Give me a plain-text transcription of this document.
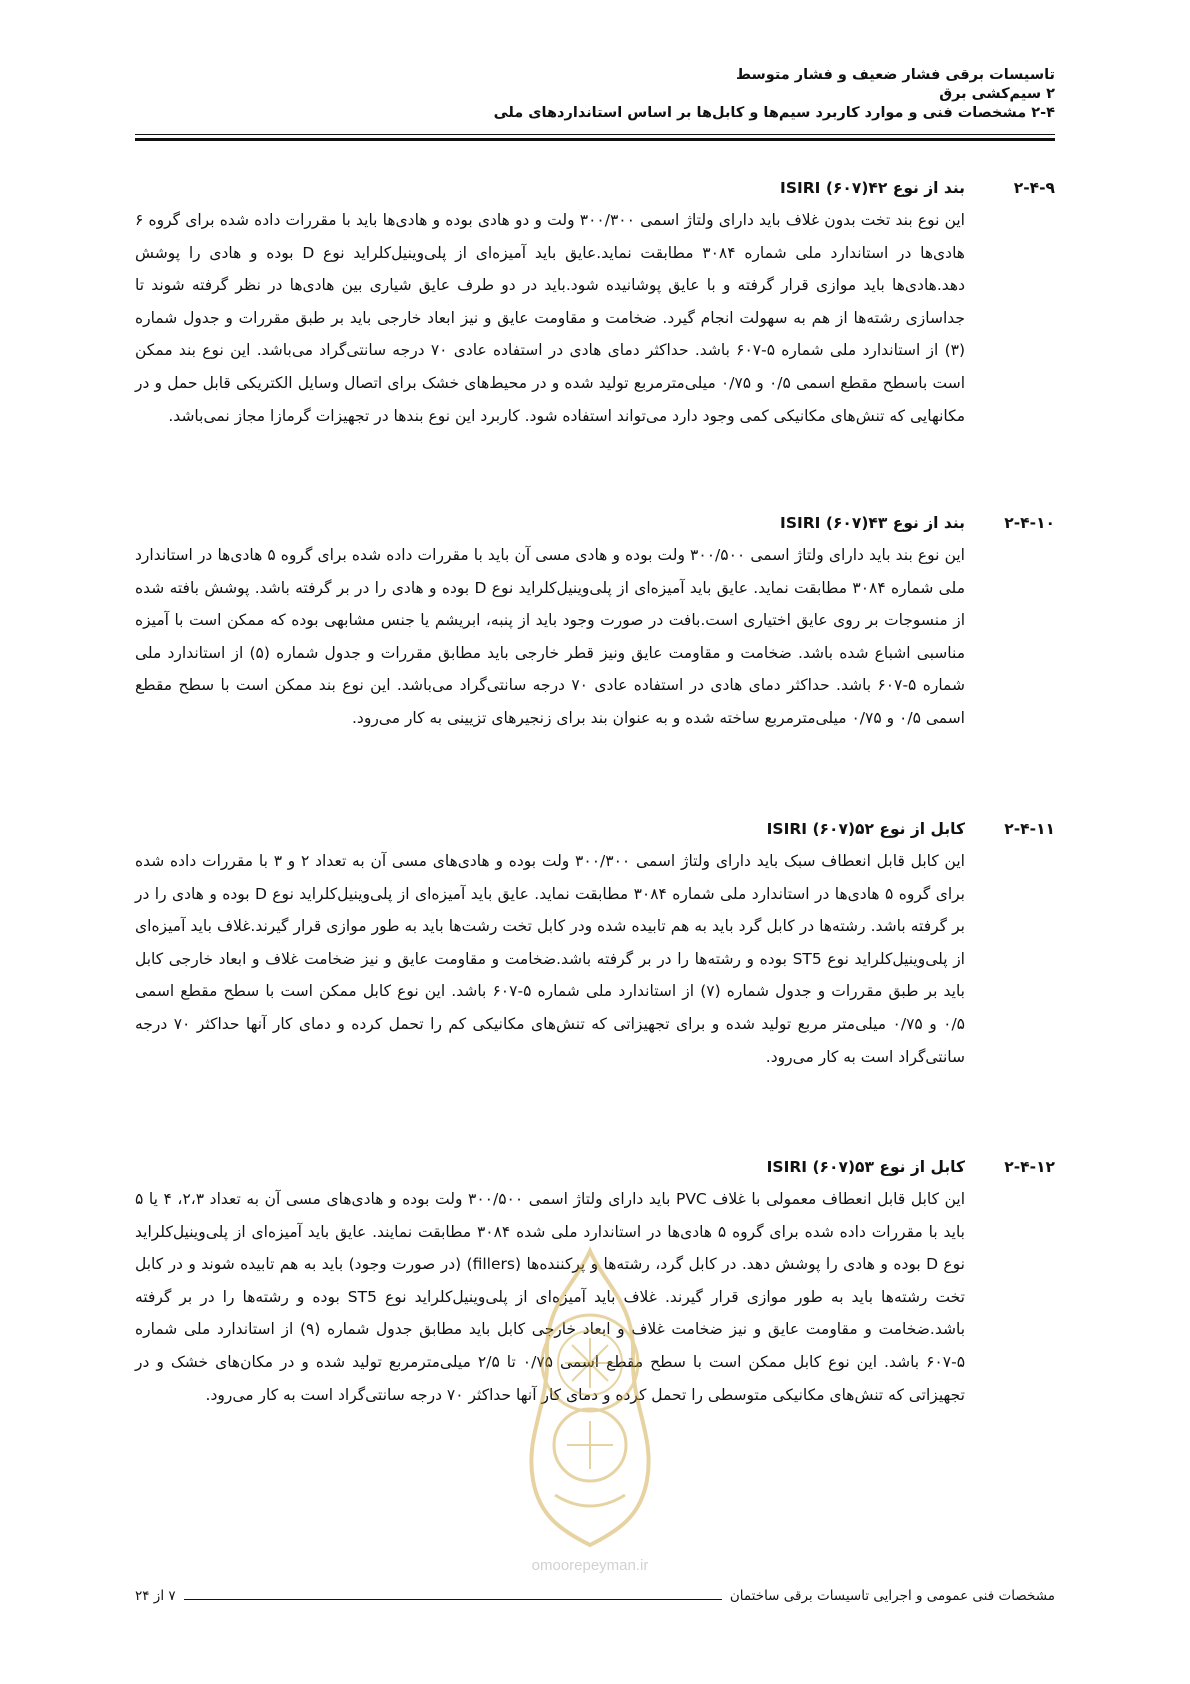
تاسیسات برقی فشار ضعیف و فشار متوسط
۲ سیم‌کشی برق
۲-۴ مشخصات فنی و موارد کاربرد سیم‌ها و کابل‌ها بر اساس استانداردهای ملی
۲-۴-۹
بند از نوع ۴۲(۶۰۷) ISIRI
این نوع بند تخت بدون غلاف باید دارای ولتاژ اسمی ۳۰۰/۳۰۰ ولت و دو هادی بوده و هادی‌ها باید با مقررات داده شده برای گروه ۶ هادی‌ها در استاندارد ملی شماره ۳۰۸۴ مطابقت نماید.عایق باید آمیزه‌ای از پلی‌وینیل‌کلراید نوع D بوده و هادی را پوشش دهد.هادی‌ها باید موازی قرار گرفته و با عایق پوشانیده شود.باید در دو طرف عایق شیاری بین هادی‌ها در نظر گرفته شوند تا جداسازی رشته‌ها از هم به سهولت انجام گیرد. ضخامت و مقاومت عایق و نیز ابعاد خارجی باید بر طبق مقررات و جدول شماره (۳) از استاندارد ملی شماره ۵-۶۰۷ باشد. حداکثر دمای هادی در استفاده عادی ۷۰ درجه سانتی‌گراد می‌باشد. این نوع بند ممکن است باسطح مقطع اسمی ۰/۵ و ۰/۷۵ میلی‌مترمربع تولید شده و در محیط‌های خشک برای اتصال وسایل الکتریکی قابل حمل و در مکانهایی که تنش‌های مکانیکی کمی وجود دارد می‌تواند استفاده شود. کاربرد این نوع بندها در تجهیزات گرمازا مجاز نمی‌باشد.
۲-۴-۱۰
بند از نوع ۴۳(۶۰۷) ISIRI
این نوع بند باید دارای ولتاژ اسمی ۳۰۰/۵۰۰ ولت بوده و هادی مسی آن باید با مقررات داده شده برای گروه ۵ هادی‌ها در استاندارد ملی شماره ۳۰۸۴ مطابقت نماید. عایق باید آمیزه‌ای از پلی‌وینیل‌کلراید نوع D بوده و هادی را در بر گرفته باشد. پوشش بافته شده از منسوجات بر روی عایق اختیاری است.بافت در صورت وجود باید از پنبه، ابریشم یا جنس مشابهی بوده که ممکن است با آمیزه مناسبی اشباع شده باشد. ضخامت و مقاومت عایق ونیز قطر خارجی باید مطابق مقررات و جدول شماره (۵) از استاندارد ملی شماره ۵-۶۰۷ باشد. حداکثر دمای هادی در استفاده عادی ۷۰ درجه سانتی‌گراد می‌باشد. این نوع بند ممکن است با سطح مقطع اسمی ۰/۵ و ۰/۷۵ میلی‌مترمربع ساخته شده و به عنوان بند برای زنجیرهای تزیینی به کار می‌رود.
۲-۴-۱۱
کابل از نوع ۵۲(۶۰۷) ISIRI
این کابل قابل انعطاف سبک باید دارای ولتاژ اسمی ۳۰۰/۳۰۰ ولت بوده و هادی‌های مسی آن به تعداد ۲ و ۳ با مقررات داده شده برای گروه ۵ هادی‌ها در استاندارد ملی شماره ۳۰۸۴ مطابقت نماید. عایق باید آمیزه‌ای از پلی‌وینیل‌کلراید نوع D بوده و هادی را در بر گرفته باشد. رشته‌ها در کابل گرد باید به هم تابیده شده ودر کابل تخت رشت‌ها باید به طور موازی قرار گیرند.غلاف باید آمیزه‌ای از پلی‌وینیل‌کلراید نوع ST5 بوده و رشته‌ها را در بر گرفته باشد.ضخامت و مقاومت عایق و نیز ضخامت غلاف و ابعاد خارجی کابل باید بر طبق مقررات و جدول شماره (۷) از استاندارد ملی شماره ۵-۶۰۷ باشد. این نوع کابل ممکن است با سطح مقطع اسمی ۰/۵ و ۰/۷۵ میلی‌متر مربع تولید شده و برای تجهیزاتی که تنش‌های مکانیکی کم را تحمل کرده و دمای کار آنها حداکثر ۷۰ درجه سانتی‌گراد است به کار می‌رود.
۲-۴-۱۲
کابل از نوع ۵۳(۶۰۷) ISIRI
این کابل قابل انعطاف معمولی با غلاف PVC باید دارای ولتاژ اسمی ۳۰۰/۵۰۰ ولت بوده و هادی‌های مسی آن به تعداد ۲،۳، ۴ یا ۵ باید با مقررات داده شده برای گروه ۵ هادی‌ها در استاندارد ملی شده ۳۰۸۴ مطابقت نمایند. عایق باید آمیزه‌ای از پلی‌وینیل‌کلراید نوع D بوده و هادی را پوشش دهد. در کابل گرد، رشته‌ها و پرکننده‌ها (fillers) (در صورت وجود) باید به هم تابیده شوند و در کابل تخت رشته‌ها باید به طور موازی قرار گیرند. غلاف باید آمیزه‌ای از پلی‌وینیل‌کلراید نوع ST5 بوده و رشته‌ها را در بر گرفته باشد.ضخامت و مقاومت عایق و نیز ضخامت غلاف و ابعاد خارجی کابل باید مطابق جدول شماره (۹) از استاندارد ملی شماره ۵-۶۰۷ باشد. این نوع کابل ممکن است با سطح مقطع اسمی ۰/۷۵ تا ۲/۵ میلی‌مترمربع تولید شده و در مکان‌های خشک و در تجهیزاتی که تنش‌های مکانیکی متوسطی را تحمل کرده و دمای کار آنها حداکثر ۷۰ درجه سانتی‌گراد است به کار می‌رود.
omoorepeyman.ir
مشخصات فنی عمومی و اجرایی تاسیسات برقی ساختمان
۷ از ۲۴
